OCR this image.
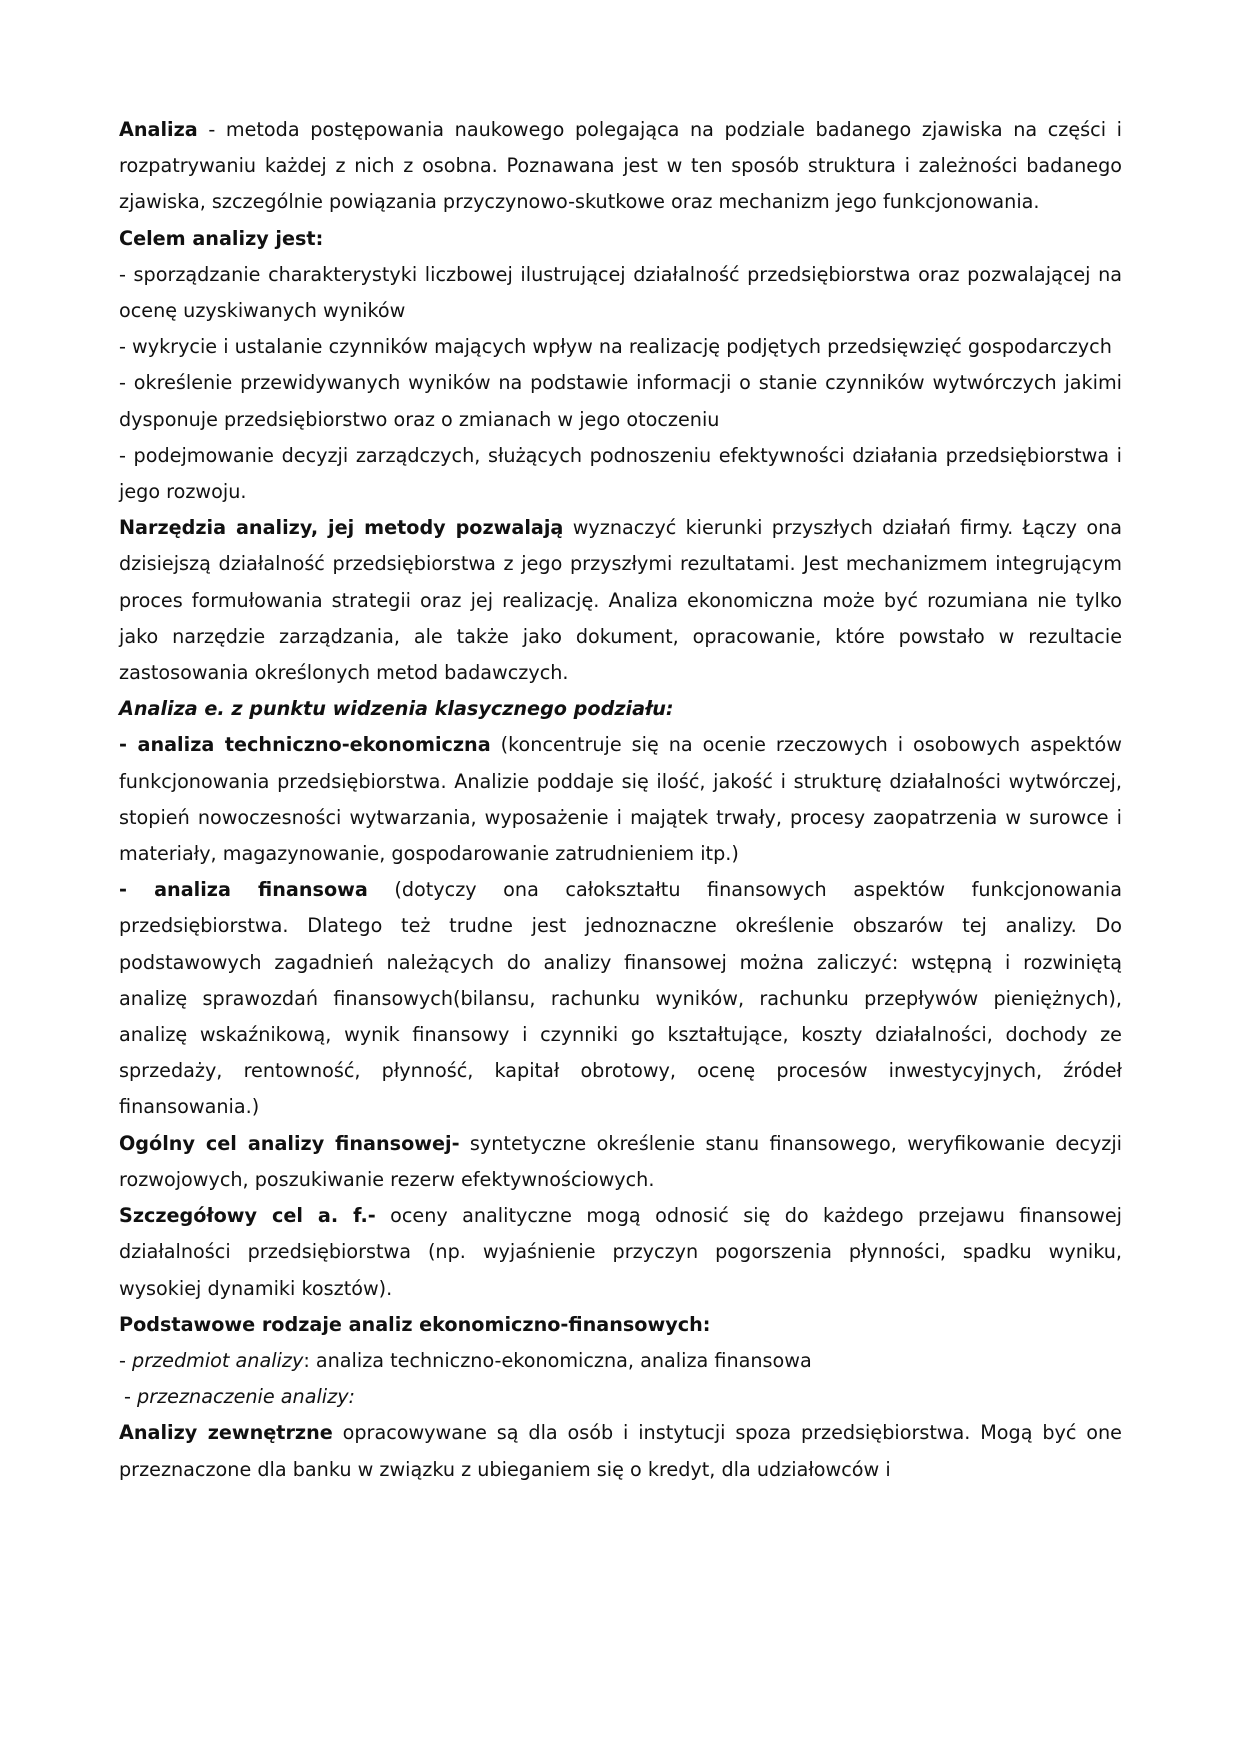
Analiza - metoda postępowania naukowego polegająca na podziale badanego zjawiska na części i rozpatrywaniu każdej z nich z osobna. Poznawana jest w ten sposób struktura i zależności badanego zjawiska, szczególnie powiązania przyczynowo-skutkowe oraz mechanizm jego funkcjonowania.

Celem analizy jest:

- sporządzanie charakterystyki liczbowej ilustrującej działalność przedsiębiorstwa oraz pozwalającej na ocenę uzyskiwanych wyników

- wykrycie i ustalanie czynników mających wpływ na realizację podjętych przedsięwzięć gospodarczych

- określenie przewidywanych wyników na podstawie informacji o stanie czynników wytwórczych jakimi dysponuje przedsiębiorstwo oraz o zmianach w jego otoczeniu

- podejmowanie decyzji zarządczych, służących podnoszeniu efektywności działania przedsiębiorstwa i jego rozwoju.

Narzędzia analizy, jej metody pozwalają wyznaczyć kierunki przyszłych działań firmy. Łączy ona dzisiejszą działalność przedsiębiorstwa z jego przyszłymi rezultatami. Jest mechanizmem integrującym proces formułowania strategii oraz jej realizację. Analiza ekonomiczna może być rozumiana nie tylko jako narzędzie zarządzania, ale także jako dokument, opracowanie, które powstało w rezultacie zastosowania określonych metod badawczych.

Analiza e. z punktu widzenia klasycznego podziału:

- analiza techniczno-ekonomiczna (koncentruje się na ocenie rzeczowych i osobowych aspektów funkcjonowania przedsiębiorstwa. Analizie poddaje się ilość, jakość i strukturę działalności wytwórczej, stopień nowoczesności wytwarzania, wyposażenie i majątek trwały, procesy zaopatrzenia w surowce i materiały, magazynowanie, gospodarowanie zatrudnieniem itp.)

- analiza finansowa (dotyczy ona całokształtu finansowych aspektów funkcjonowania przedsiębiorstwa. Dlatego też trudne jest jednoznaczne określenie obszarów tej analizy. Do podstawowych zagadnień należących do analizy finansowej można zaliczyć: wstępną i rozwiniętą analizę sprawozdań finansowych(bilansu, rachunku wyników, rachunku przepływów pieniężnych), analizę wskaźnikową, wynik finansowy i czynniki go kształtujące, koszty działalności, dochody ze sprzedaży, rentowność, płynność, kapitał obrotowy, ocenę procesów inwestycyjnych, źródeł finansowania.)

Ogólny cel analizy finansowej- syntetyczne określenie stanu finansowego, weryfikowanie decyzji rozwojowych, poszukiwanie rezerw efektywnościowych.

Szczegółowy cel a. f.- oceny analityczne mogą odnosić się do każdego przejawu finansowej działalności przedsiębiorstwa (np. wyjaśnienie przyczyn pogorszenia płynności, spadku wyniku, wysokiej dynamiki kosztów).

Podstawowe rodzaje analiz ekonomiczno-finansowych:

- przedmiot analizy: analiza techniczno-ekonomiczna, analiza finansowa

- przeznaczenie analizy:

Analizy zewnętrzne opracowywane są dla osób i instytucji spoza przedsiębiorstwa. Mogą być one przeznaczone dla banku w związku z ubieganiem się o kredyt, dla udziałowców i
